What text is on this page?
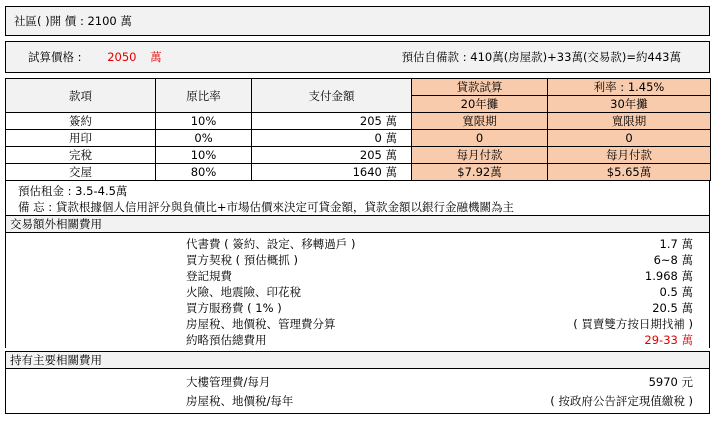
社區( )開 價 : 2100 萬
試算價格 : 2050 萬	預估自備款 : 410萬(房屋款)+33萬(交易款)=約443萬
款項	原比率	支付金額	貸款試算	利率 : 1.45%
			20年攤	30年攤
簽約	10%	205 萬	寬限期	寬限期
用印	0%	0 萬	0	0
完稅	10%	205 萬	每月付款	每月付款
交屋	80%	1640 萬	$7.92萬	$5.65萬
預估租金 : 3.5-4.5萬
備 忘 : 貸款根據個人信用評分與負債比+市場估價來決定可貸金額，貸款金額以銀行金融機關為主
交易額外相關費用
代書費 ( 簽約、設定、移轉過戶 )	1.7 萬
買方契稅 ( 預估概抓 )	6~8 萬
登記規費	1.968 萬
火險、地震險、印花稅	0.5 萬
買方服務費 ( 1% )	20.5 萬
房屋稅、地價稅、管理費分算	( 買賣雙方按日期找補 )
約略預估總費用	29-33 萬
持有主要相關費用
大樓管理費/每月	5970 元
房屋稅、地價稅/每年	( 按政府公告評定現值繳稅 )
